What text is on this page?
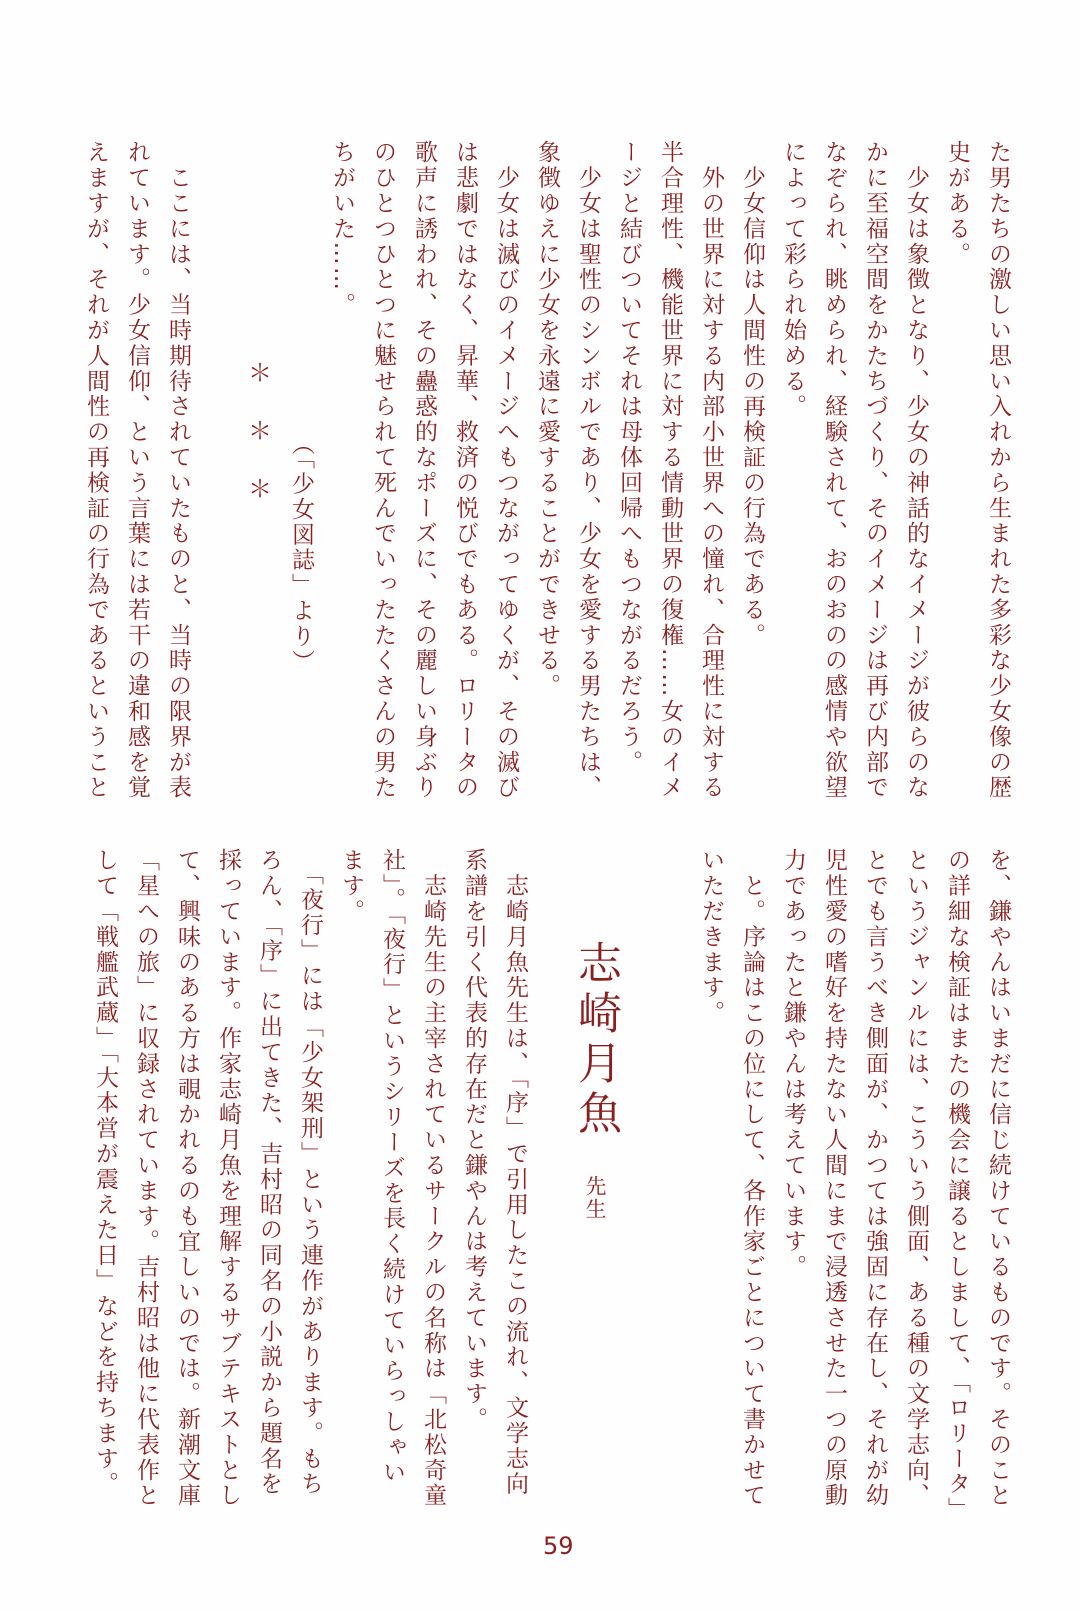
た男たちの激しい思い入れから生まれた多彩な少女像の歴
史がある。
　少女は象徴となり、少女の神話的なイメージが彼らのな
かに至福空間をかたちづくり、そのイメージは再び内部で
なぞられ、眺められ、経験されて、おのおのの感情や欲望
によって彩られ始める。
　少女信仰は人間性の再検証の行為である。
　外の世界に対する内部小世界への憧れ、合理性に対する
半合理性、機能世界に対する情動世界の復権……女のイメ
ージと結びついてそれは母体回帰へもつながるだろう。
　少女は聖性のシンボルであり、少女を愛する男たちは、
象徴ゆえに少女を永遠に愛することができせる。
　少女は滅びのイメージへもつながってゆくが、その滅び
は悲劇ではなく、昇華、救済の悦びでもある。ロリータの
歌声に誘われ、その蠱惑的なポーズに、その麗しい身ぶり
のひとつひとつに魅せられて死んでいったたくさんの男た
ちがいた……。
（「少女図誌」より）
＊
＊
＊
　ここには、当時期待されていたものと、当時の限界が表
れています。少女信仰、という言葉には若干の違和感を覚
えますが、それが人間性の再検証の行為であるということ
を、鎌やんはいまだに信じ続けているものです。そのこと
の詳細な検証はまたの機会に譲るとしまして、「ロリータ」
というジャンルには、こういう側面、ある種の文学志向、
とでも言うべき側面が、かつては強固に存在し、それが幼
児性愛の嗜好を持たない人間にまで浸透させた一つの原動
力であったと鎌やんは考えています。
　と。序論はこの位にして、各作家ごとについて書かせて
いただきます。
志崎月魚
先生
　志崎月魚先生は、「序」で引用したこの流れ、文学志向
系譜を引く代表的存在だと鎌やんは考えています。
　志崎先生の主宰されているサークルの名称は「北松奇童
社」。「夜行」というシリーズを長く続けていらっしゃい
ます。
　「夜行」には「少女架刑」という連作があります。もち
ろん、「序」に出てきた、吉村昭の同名の小説から題名を
採っています。作家志崎月魚を理解するサブテキストとし
て、興味のある方は覗かれるのも宜しいのでは。新潮文庫
「星への旅」に収録されています。吉村昭は他に代表作と
して「戦艦武蔵」「大本営が震えた日」などを持ちます。
59
